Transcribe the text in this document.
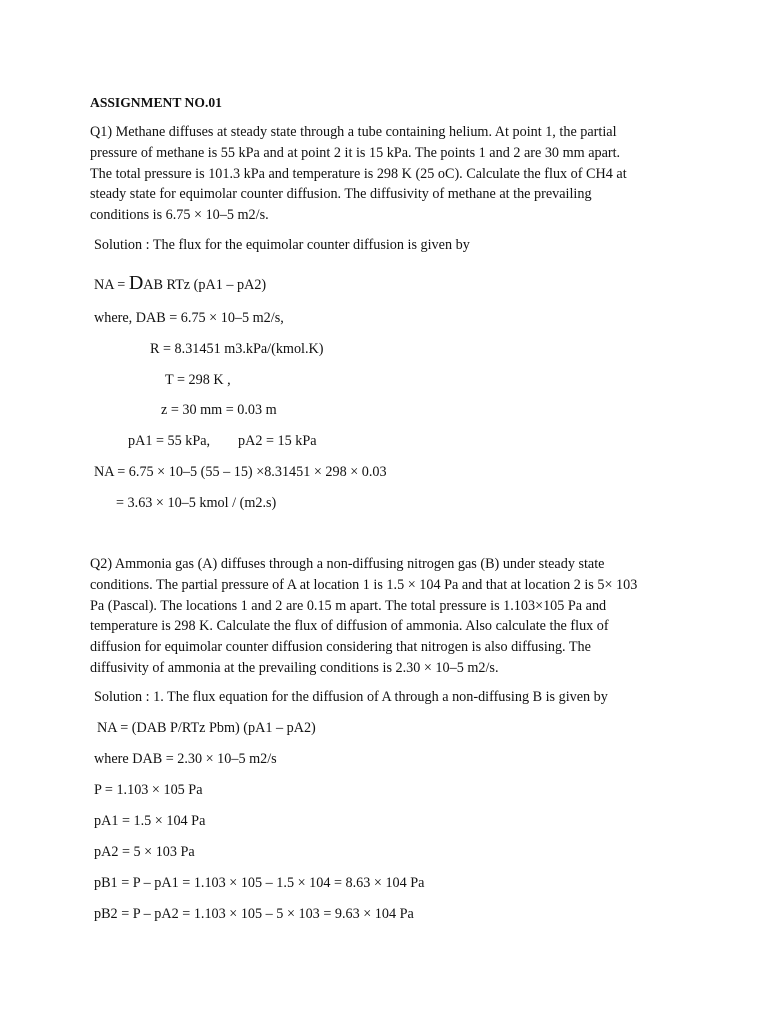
ASSIGNMENT NO.01
Q1) Methane diffuses at steady state through a tube containing helium. At point 1, the partial
pressure of methane is 55 kPa and at point 2 it is 15 kPa. The points 1 and 2 are 30 mm apart.
The total pressure is 101.3 kPa and temperature is 298 K (25 oC). Calculate the flux of CH4 at
steady state for equimolar counter diffusion. The diffusivity of methane at the prevailing
conditions is 6.75 × 10–5 m2/s.
Solution : The flux for the equimolar counter diffusion is given by
NA = DAB RTz (pA1 – pA2)
where, DAB = 6.75 × 10–5 m2/s,
R = 8.31451 m3.kPa/(kmol.K)
T = 298 K ,
z = 30 mm = 0.03 m
pA1 = 55 kPa, pA2 = 15 kPa
NA = 6.75 × 10–5 (55 – 15) ×8.31451 × 298 × 0.03
= 3.63 × 10–5 kmol / (m2.s)
Q2) Ammonia gas (A) diffuses through a non-diffusing nitrogen gas (B) under steady state
conditions. The partial pressure of A at location 1 is 1.5 × 104 Pa and that at location 2 is 5× 103
Pa (Pascal). The locations 1 and 2 are 0.15 m apart. The total pressure is 1.103×105 Pa and
temperature is 298 K. Calculate the flux of diffusion of ammonia. Also calculate the flux of
diffusion for equimolar counter diffusion considering that nitrogen is also diffusing. The
diffusivity of ammonia at the prevailing conditions is 2.30 × 10–5 m2/s.
Solution : 1. The flux equation for the diffusion of A through a non-diffusing B is given by
NA = (DAB P/RTz Pbm) (pA1 – pA2)
where DAB = 2.30 × 10–5 m2/s
P = 1.103 × 105 Pa
pA1 = 1.5 × 104 Pa
pA2 = 5 × 103 Pa
pB1 = P – pA1 = 1.103 × 105 – 1.5 × 104 = 8.63 × 104 Pa
pB2 = P – pA2 = 1.103 × 105 – 5 × 103 = 9.63 × 104 Pa
